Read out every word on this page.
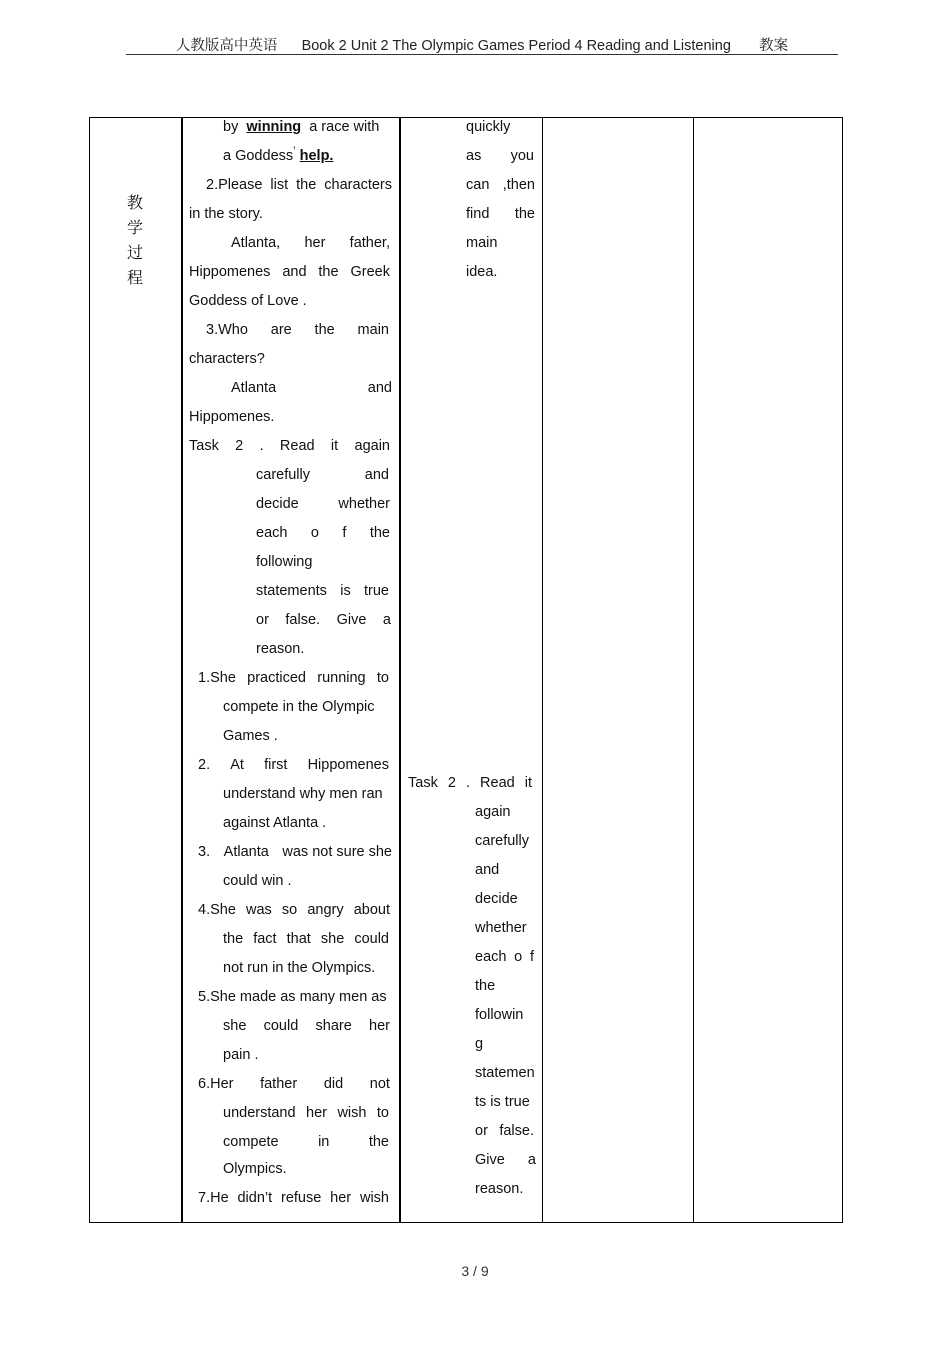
人教版高中英语 Book 2 Unit 2 The Olympic Games Period 4 Reading and Listening 教案
教
学
过
程
by winning a race with
a Goddess’ help.
2.Please list the characters
in the story.
Atlanta, her father,
Hippomenes and the Greek
Goddess of Love .
3.Who are the main
characters?
Atlanta	and
Hippomenes.
Task 2 . Read it again
carefully	and
decide	whether
each o f the
following
statements is true
or false. Give a
reason.
1.She practiced running to
compete in the Olympic
Games .
2. At first Hippomenes
understand why men ran
against Atlanta .
3. Atlanta was not sure she
could win .
4.She was so angry about
the fact that she could
not run in the Olympics.
5.She made as many men as
she could share her
pain .
6.Her father did not
understand her wish to
compete	in	the
Olympics.
7.He didn’t refuse her wish
quickly
as you
can ,then
find the
main
idea.
Task 2 . Read it
again
carefully
and
decide
whether
each o f
the
followin
g
statemen
ts is true
or false.
Give a
reason.
3 / 9
